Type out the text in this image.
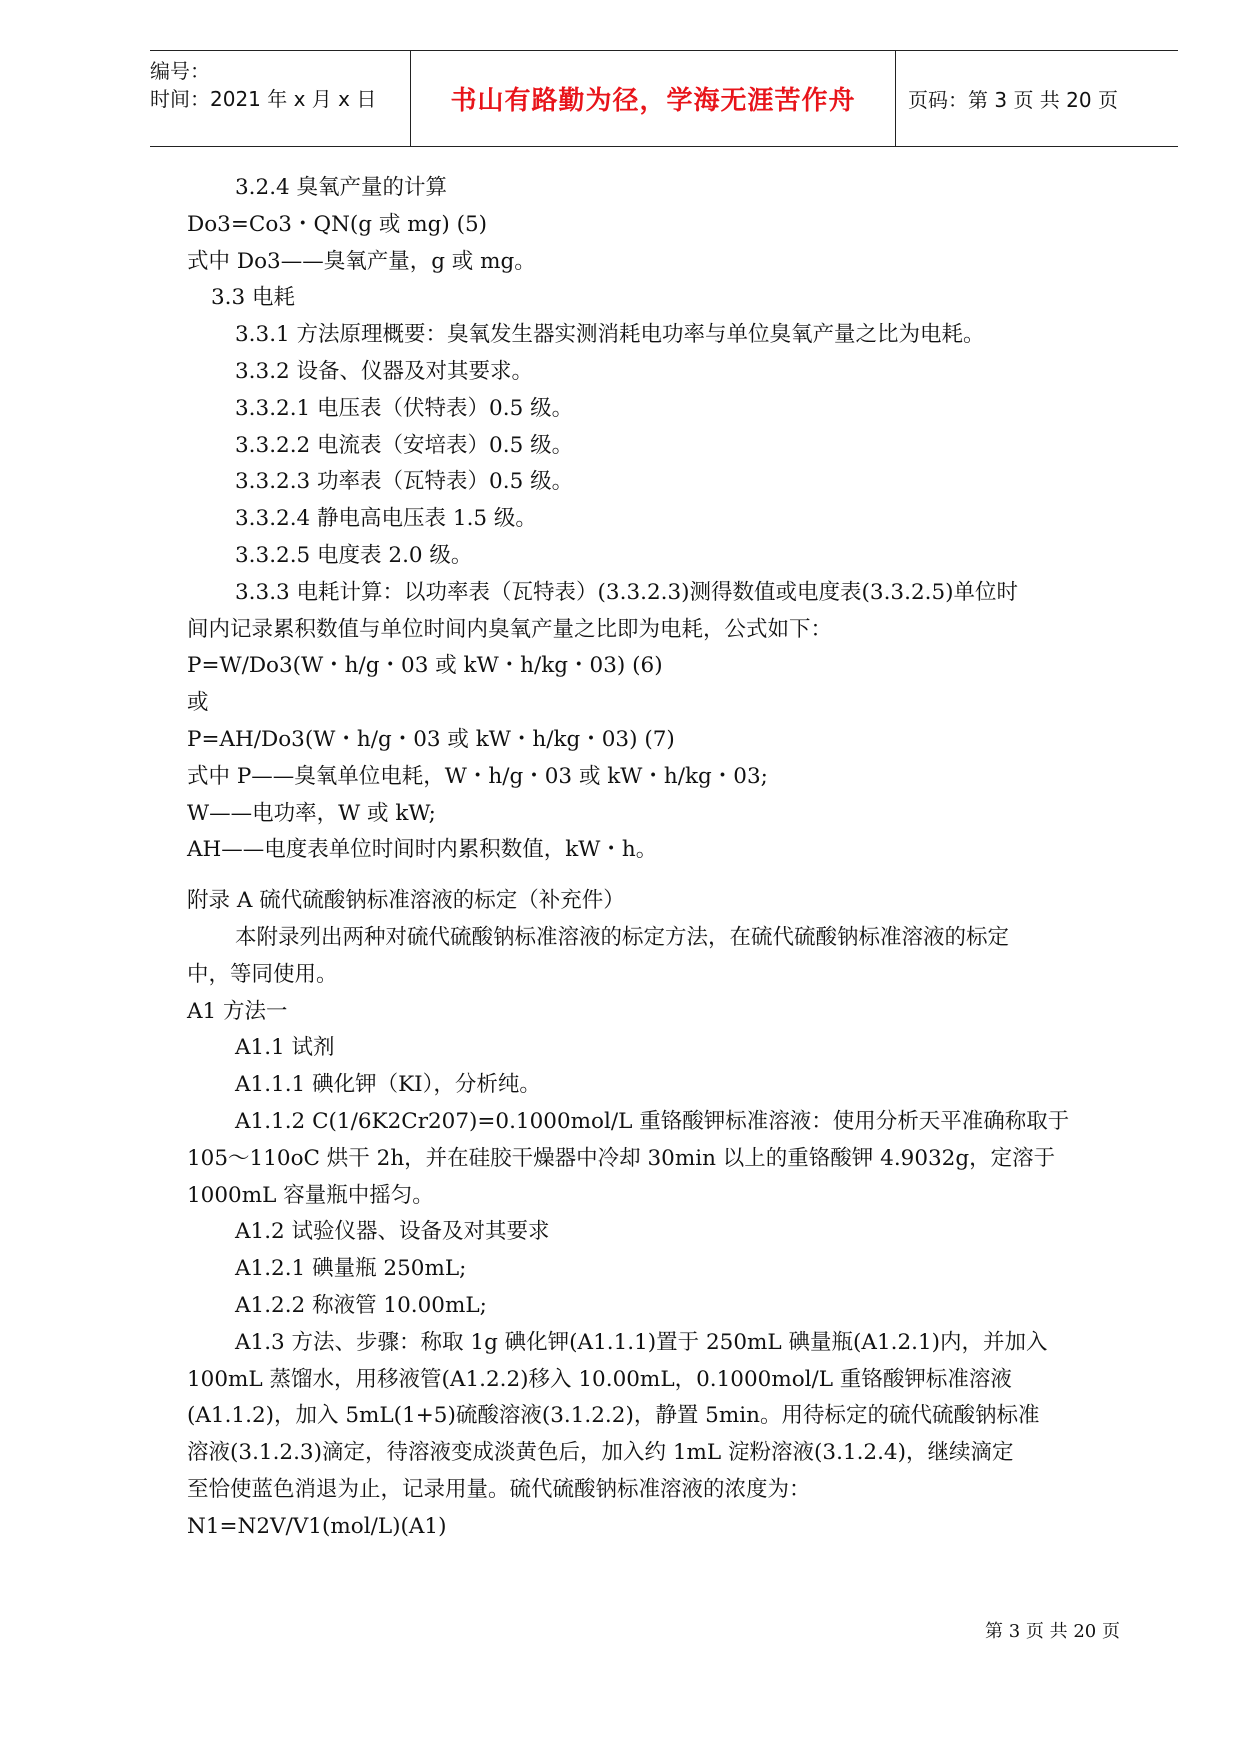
编号：
时间：2021 年 x 月 x 日	书山有路勤为径，学海无涯苦作舟	页码：第 3 页 共 20 页

3.2.4 臭氧产量的计算

Do3=Co3・QN(g 或 mg) (5)

式中 Do3——臭氧产量，g 或 mg。

3.3 电耗

3.3.1 方法原理概要：臭氧发生器实测消耗电功率与单位臭氧产量之比为电耗。

3.3.2 设备、仪器及对其要求。

3.3.2.1 电压表（伏特表）0.5 级。

3.3.2.2 电流表（安培表）0.5 级。

3.3.2.3 功率表（瓦特表）0.5 级。

3.3.2.4 静电高电压表 1.5 级。

3.3.2.5 电度表 2.0 级。

3.3.3 电耗计算：以功率表（瓦特表）(3.3.2.3)测得数值或电度表(3.3.2.5)单位时

间内记录累积数值与单位时间内臭氧产量之比即为电耗，公式如下：

P=W/Do3(W・h/g・03 或 kW・h/kg・03) (6)

或

P=AH/Do3(W・h/g・03 或 kW・h/kg・03) (7)

式中 P——臭氧单位电耗，W・h/g・03 或 kW・h/kg・03;

W——电功率，W 或 kW;

AH——电度表单位时间时内累积数值，kW・h。

附录 A 硫代硫酸钠标准溶液的标定（补充件）

本附录列出两种对硫代硫酸钠标准溶液的标定方法，在硫代硫酸钠标准溶液的标定

中，等同使用。

A1 方法一

A1.1 试剂

A1.1.1 碘化钾（KI），分析纯。

A1.1.2 C(1/6K2Cr207)=0.1000mol/L 重铬酸钾标准溶液：使用分析天平准确称取于

105～110oC 烘干 2h，并在硅胶干燥器中冷却 30min 以上的重铬酸钾 4.9032g，定溶于

1000mL 容量瓶中摇匀。

A1.2 试验仪器、设备及对其要求

A1.2.1 碘量瓶 250mL;

A1.2.2 称液管 10.00mL;

A1.3 方法、步骤：称取 1g 碘化钾(A1.1.1)置于 250mL 碘量瓶(A1.2.1)内，并加入

100mL 蒸馏水，用移液管(A1.2.2)移入 10.00mL，0.1000mol/L 重铬酸钾标准溶液

(A1.1.2)，加入 5mL(1+5)硫酸溶液(3.1.2.2)，静置 5min。用待标定的硫代硫酸钠标准

溶液(3.1.2.3)滴定，待溶液变成淡黄色后，加入约 1mL 淀粉溶液(3.1.2.4)，继续滴定

至恰使蓝色消退为止，记录用量。硫代硫酸钠标准溶液的浓度为：

N1=N2V/V1(mol/L)(A1)

第 3 页 共 20 页
